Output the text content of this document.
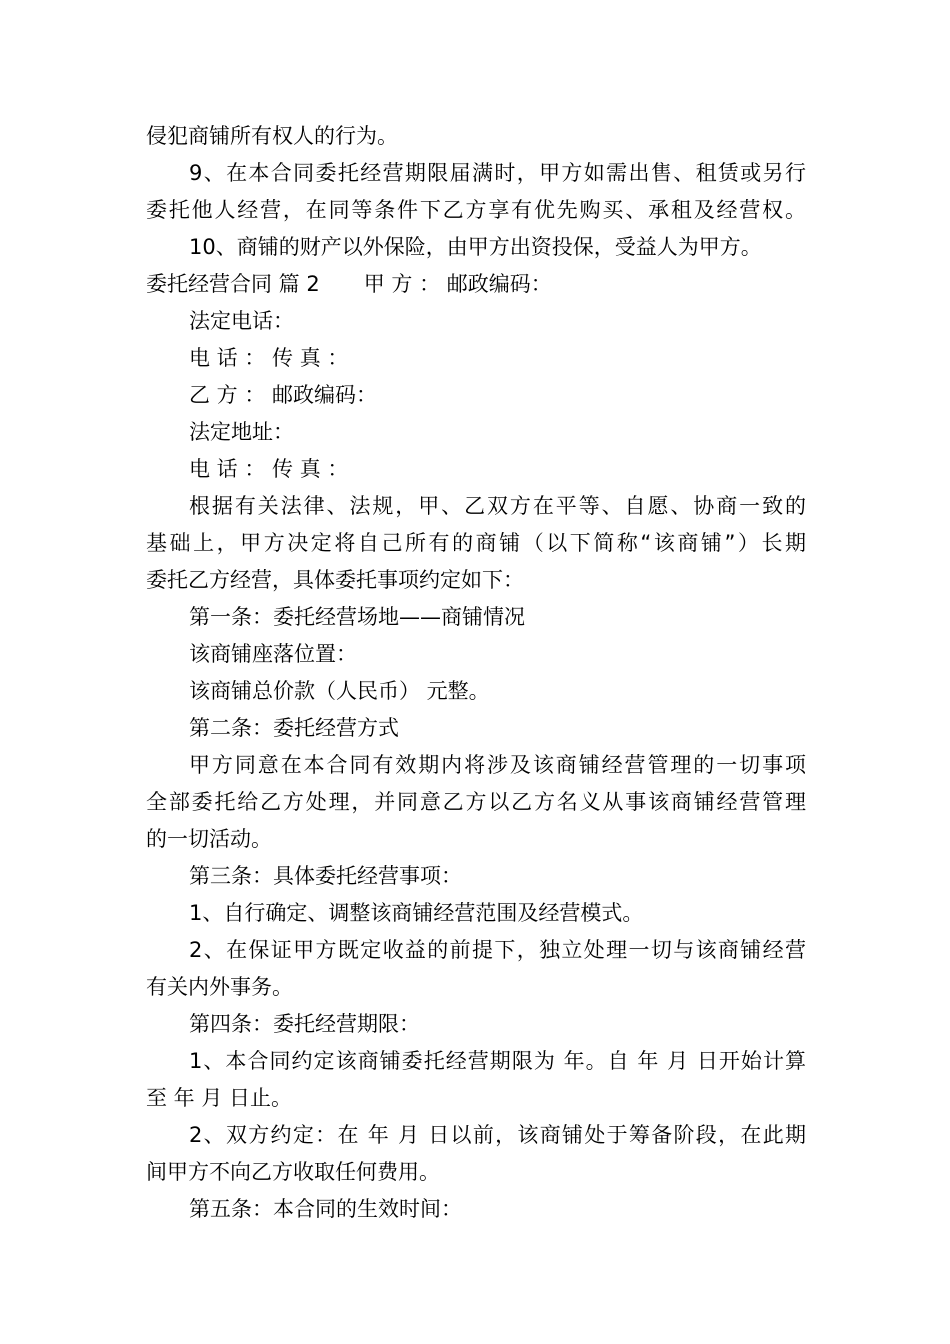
侵犯商铺所有权人的行为。
9、在本合同委托经营期限届满时，甲方如需出售、租赁或另行
委托他人经营，在同等条件下乙方享有优先购买、承租及经营权。
10、商铺的财产以外保险，由甲方出资投保，受益人为甲方。
委托经营合同 篇 2 甲 方 ： 邮政编码：
法定电话：
电 话 ： 传 真 ：
乙 方 ： 邮政编码：
法定地址：
电 话 ： 传 真 ：
根据有关法律、法规，甲、乙双方在平等、自愿、协商一致的
基础上，甲方决定将自己所有的商铺（以下简称“该商铺”）长期
委托乙方经营，具体委托事项约定如下：
第一条：委托经营场地——商铺情况
该商铺座落位置：
该商铺总价款（人民币） 元整。
第二条：委托经营方式
甲方同意在本合同有效期内将涉及该商铺经营管理的一切事项
全部委托给乙方处理，并同意乙方以乙方名义从事该商铺经营管理
的一切活动。
第三条：具体委托经营事项：
1、自行确定、调整该商铺经营范围及经营模式。
2、在保证甲方既定收益的前提下，独立处理一切与该商铺经营
有关内外事务。
第四条：委托经营期限：
1、本合同约定该商铺委托经营期限为 年。自 年 月 日开始计算
至 年 月 日止。
2、双方约定：在 年 月 日以前，该商铺处于筹备阶段，在此期
间甲方不向乙方收取任何费用。
第五条：本合同的生效时间：
